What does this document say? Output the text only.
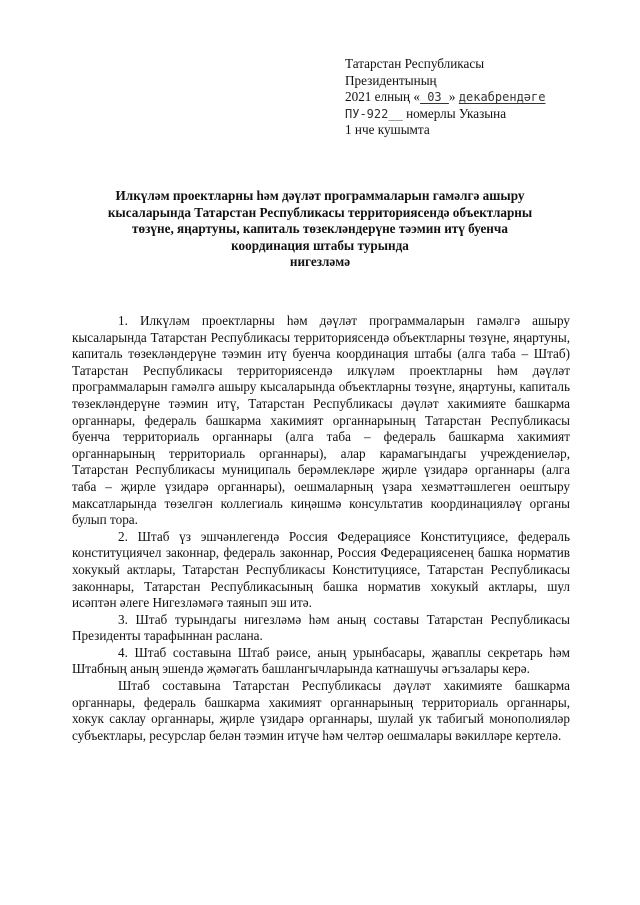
Татарстан Республикасы
Президентының
2021 елның « 03 » декабрендәге
ПУ-922__ номерлы Указына
1 нче кушымта
Илкүләм проектларны һәм дәүләт программаларын гамәлгә ашыру
кысаларында Татарстан Республикасы территориясендә объектларны
төзүне, яңартуны, капиталь төзекләндерүне тәэмин итү буенча
координация штабы турында
нигезләмә

1. Илкүләм проектларны һәм дәүләт программаларын гамәлгә ашыру кысаларында Татарстан Республикасы территориясендә объектларны төзүне, яңартуны, капиталь төзекләндерүне тәэмин итү буенча координация штабы (алга таба – Штаб) Татарстан Республикасы территориясендә илкүләм проектларны һәм дәүләт программаларын гамәлгә ашыру кысаларында объектларны төзүне, яңартуны, капиталь төзекләндерүне тәэмин итү, Татарстан Республикасы дәүләт хакимияте башкарма органнары, федераль башкарма хакимият органнарының Татарстан Республикасы буенча территориаль органнары (алга таба – федераль башкарма хакимият органнарының территориаль органнары), алар карамагындагы учреждениеләр, Татарстан Республикасы муниципаль берәмлекләре җирле үзидарә органнары (алга таба – җирле үзидарә органнары), оешмаларның үзара хезмәттәшлеген оештыру максатларында төзелгән коллегиаль киңәшмә консультатив координацияләү органы булып тора.

2. Штаб үз эшчәнлегендә Россия Федерациясе Конституциясе, федераль конституциячел законнар, федераль законнар, Россия Федерациясенең башка норматив хокукый актлары, Татарстан Республикасы Конституциясе, Татарстан Республикасы законнары, Татарстан Республикасының башка норматив хокукый актлары, шул исәптән әлеге Нигезләмәгә таянып эш итә.

3. Штаб турындагы нигезләмә һәм аның составы Татарстан Республикасы Президенты тарафыннан раслана.

4. Штаб составына Штаб рәисе, аның урынбасары, җаваплы секретарь һәм Штабның аның эшендә җәмәгать башлангычларында катнашучы әгъзалары керә.

Штаб составына Татарстан Республикасы дәүләт хакимияте башкарма органнары, федераль башкарма хакимият органнарының территориаль органнары, хокук саклау органнары, җирле үзидарә органнары, шулай ук табигый монополияләр субъектлары, ресурслар белән тәэмин итүче һәм челтәр оешмалары вәкилләре кертелә.
